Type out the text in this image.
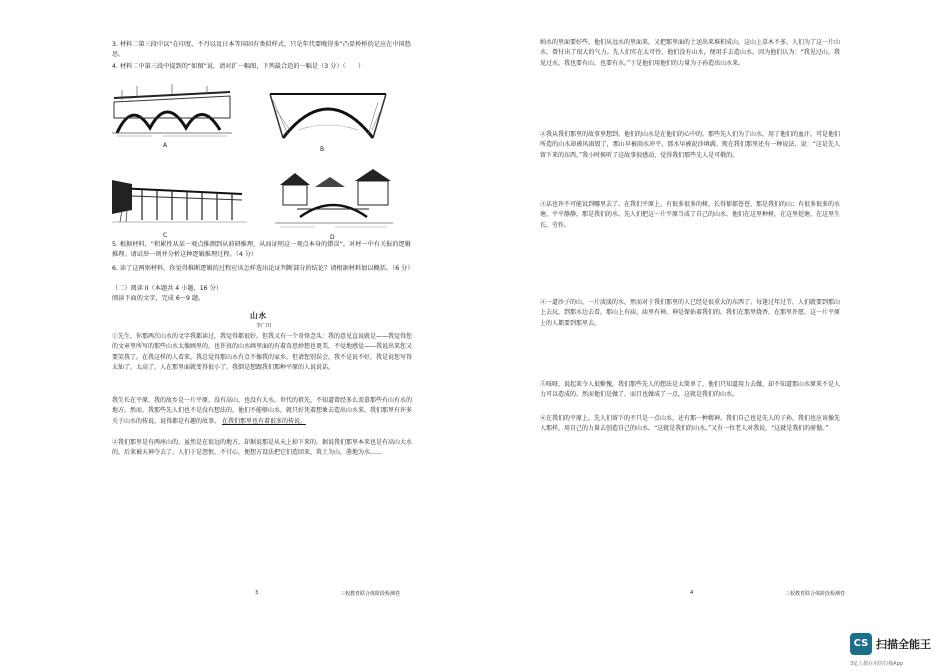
3. 材料二第三段中以“在印度、不丹以及日本等国固有类似样式，只是年代要晚得多”凸显桥桥的记应在中国悠思。
4. 材料二中第三段中提到的“如图”说，请对扩一幅图，下列最合适的一幅是（3 分）（　　）
A
B
C	D
5. 根据材料，“积累性从某一观点推测到从前研推理，从而证明这一观点本身的错误”。对材一中有关报的逻辑推理。请试举一则并分析这种逻辑推理过程。（4 分）
6. 读了这两则材料，你觉得推断逻辑的过程应该怎样选出论证判断部分的结论？请根据材料加以概括。（6 分）
（二）阅读 II（本题共 4 小题，16 分）
阅读下面的文字，完成 6～9 题。
山水
李广田
①先生，你那两次山水的文字我都读过，我觉得都很好。但我又有一个奇怪念头：我的意见直说就是——我觉得您的文章里所写的那些山水太像画里的，也许真的山水画里面的有着奇思妙想也更美，不觉地感觉——我说出来您又要笑我了。在我这样的人看来，我总觉得那山水有点不像我的家乡。但请您别误会，我不是说不好，我是说您写得太仙了，太高了，人在那里面就变得很小了。我倒是想跟我们那种平原的人说说话。
我生长在平原，我的故乡是一片平原，没有高山，也没有大水。世代的祖先，不知道曾经多么羡慕那些有山有水的地方。然而，我那些先人们也不是没有想法的，他们不能够山水，就只好凭着想象去造出山水来。我们那里有许多关于山水的传说，说得都是有趣的故事。 在我们那里也有着很多的传说。
②我们那里是有两座山的，虽然是在很远的地方，却据说那是从天上掉下来的。据说我们那里本来也是有高山大水的，后来被天神夺去了。人们于是怨恨，不甘心，便想方设法把它们造回来，筑土为山，凿地为水……
3	三校教育联合体阶段检测卷
纳水的里面要好些，他们从远水的里面来，又把那里面的土送出来堆积成山，这山上草木不多。人们为了这一片山水，曾付出了很大的气力。先人们实在太可怜，他们没有山水，便用手去造山水，因为他们认为：“我见过山，我见过水，我也要有山，也要有水。”于是他们用他们的力量为子孙造出山水来。
②我从我们那里的故事里想到，他们的山水是在他们的心中的。那些先人们为了山水，用了他们的血汗，可是他们所造的山水却被风雨毁了，那山早被雨水冲平，那水早被泥沙填满。现在我们那里还有一种说法，说：“这是先人留下来的东西。”我小时候听了这故事很感动，觉得我们那些先人是可敬的。
③话也许不可能说到哪里去了。在我们平原上，有很多很多的树，长得郁郁苍苍，那是我们的山；有很多很多的水塘，平平静静，那是我们的水。先人们把这一片平原当成了自己的山水，他们在这里种树，在这里挖塘，在这里生长、劳作。
④一道沙子的山，一片淡淡的水，然而对于我们那里的人已经是很重大的东西了。每逢过年过节，人们就要到那山上去玩，到那水边去看。那山上有庙，庙里有神，神是保佑着我们的。我们在那里烧香，在那里许愿，这一片平原上的人都要到那里去。
⑤咳呀，说起来令人很惭愧，我们那些先人的想法是太简单了，他们只知道用力去做，却不知道那山水原来不是人力可以造成的。然而他们是做了，而且也做成了一点，这就是我们的山水。
⑥在我们的平原上，先人们留下的不只是一点山水，还有那一种精神。我们自己也是先人的子孙，我们也应该像先人那样，用自己的力量去创造自己的山水。“这就是我们的山水。”又有一位老人对我说，“这就是我们的骄傲。”
4	三校教育联合体阶段检测卷
CS 扫描全能王
3亿人都在用的扫描App
